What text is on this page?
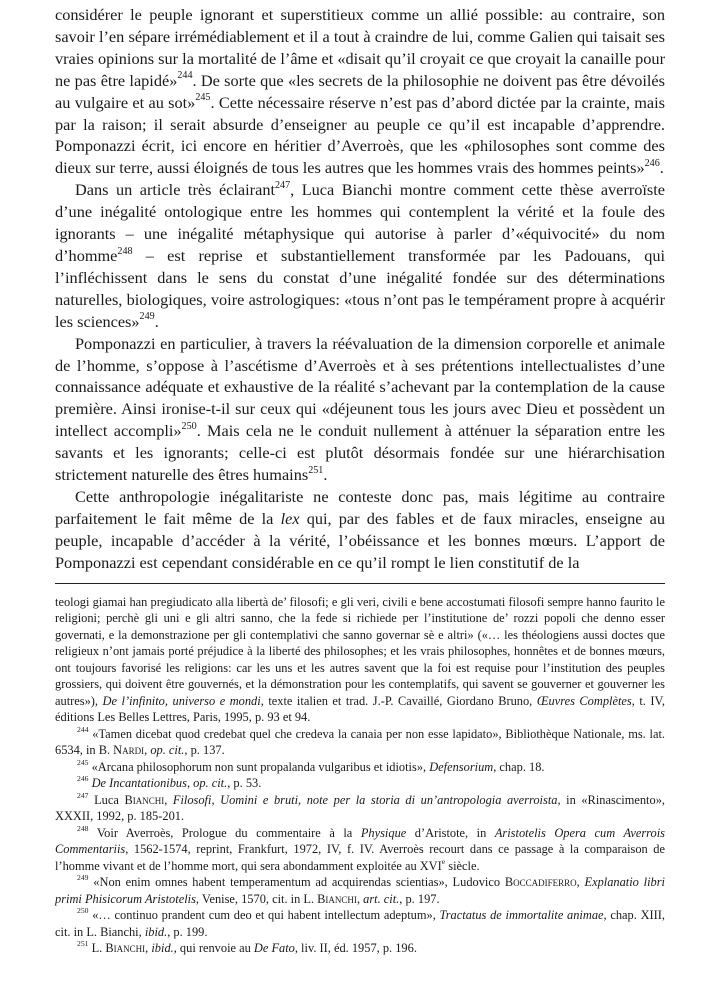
considérer le peuple ignorant et superstitieux comme un allié possible: au contraire, son savoir l’en sépare irrémédiablement et il a tout à craindre de lui, comme Galien qui taisait ses vraies opinions sur la mortalité de l’âme et «disait qu’il croyait ce que croyait la canaille pour ne pas être lapidé»$^{244}$. De sorte que «les secrets de la philosophie ne doivent pas être dévoilés au vulgaire et au sot»$^{245}$. Cette nécessaire réserve n’est pas d’abord dictée par la crainte, mais par la raison; il serait absurde d’enseigner au peuple ce qu’il est incapable d’apprendre. Pomponazzi écrit, ici encore en héritier d’Averroès, que les «philosophes sont comme des dieux sur terre, aussi éloignés de tous les autres que les hommes vrais des hommes peints»$^{246}$.

Dans un article très éclairant$^{247}$, Luca Bianchi montre comment cette thèse averroïste d’une inégalité ontologique entre les hommes qui contemplent la vérité et la foule des ignorants – une inégalité métaphysique qui autorise à parler d’«équivocité» du nom d’homme$^{248}$ – est reprise et substantiellement transformée par les Padouans, qui l’infléchissent dans le sens du constat d’une inégalité fondée sur des déterminations naturelles, biologiques, voire astrologiques: «tous n’ont pas le tempérament propre à acquérir les sciences»$^{249}$.

Pomponazzi en particulier, à travers la réévaluation de la dimension corporelle et animale de l’homme, s’oppose à l’ascétisme d’Averroès et à ses prétentions intellectualistes d’une connaissance adéquate et exhaustive de la réalité s’achevant par la contemplation de la cause première. Ainsi ironise-t-il sur ceux qui «déjeunent tous les jours avec Dieu et possèdent un intellect accompli»$^{250}$. Mais cela ne le conduit nullement à atténuer la séparation entre les savants et les ignorants; celle-ci est plutôt désormais fondée sur une hiérarchisation strictement naturelle des êtres humains$^{251}$.

Cette anthropologie inégalitariste ne conteste donc pas, mais légitime au contraire parfaitement le fait même de la lex qui, par des fables et de faux miracles, enseigne au peuple, incapable d’accéder à la vérité, l’obéissance et les bonnes mœurs. L’apport de Pomponazzi est cependant considérable en ce qu’il rompt le lien constitutif de la

teologi giamai han pregiudicato alla libertà de’ filosofi; e gli veri, civili e bene accostumati filosofi sempre hanno faurito le religioni; perchè gli uni e gli altri sanno, che la fede si richiede per l’institutione de’ rozzi popoli che denno esser governati, e la demonstrazione per gli contemplativi che sanno governar sè e altri» («… les théologiens aussi doctes que religieux n’ont jamais porté préjudice à la liberté des philosophes; et les vrais philosophes, honnêtes et de bonnes mœurs, ont toujours favorisé les religions: car les uns et les autres savent que la foi est requise pour l’institution des peuples grossiers, qui doivent être gouvernés, et la démonstration pour les contemplatifs, qui savent se gouverner et gouverner les autres»), De l’infinito, universo e mondi, texte italien et trad. J.-P. Cavaillé, Giordano Bruno, Œuvres Complètes, t. IV, éditions Les Belles Lettres, Paris, 1995, p. 93 et 94.

$^{244}$ «Tamen dicebat quod credebat quel che credeva la canaia per non esse lapidato», Bibliothèque Nationale, ms. lat. 6534, in B. Nardi, op. cit., p. 137.

$^{245}$ «Arcana philosophorum non sunt propalanda vulgaribus et idiotis», Defensorium, chap. 18.

$^{246}$ De Incantationibus, op. cit., p. 53.

$^{247}$ Luca Bianchi, Filosofi, Uomini e bruti, note per la storia di un’antropologia averroista, in «Rinascimento», XXXII, 1992, p. 185-201.

$^{248}$ Voir Averroès, Prologue du commentaire à la Physique d’Aristote, in Aristotelis Opera cum Averrois Commentariis, 1562-1574, reprint, Frankfurt, 1972, IV, f. IV. Averroès recourt dans ce passage à la comparaison de l’homme vivant et de l’homme mort, qui sera abondamment exploitée au XVIe siècle.

$^{249}$ «Non enim omnes habent temperamentum ad acquirendas scientias», Ludovico Boccadiferro, Explanatio libri primi Phisicorum Aristotelis, Venise, 1570, cit. in L. Bianchi, art. cit., p. 197.

$^{250}$ «… continuo prandent cum deo et qui habent intellectum adeptum», Tractatus de immortalite animae, chap. XIII, cit. in L. Bianchi, ibid., p. 199.

$^{251}$ L. Bianchi, ibid., qui renvoie au De Fato, liv. II, éd. 1957, p. 196.
